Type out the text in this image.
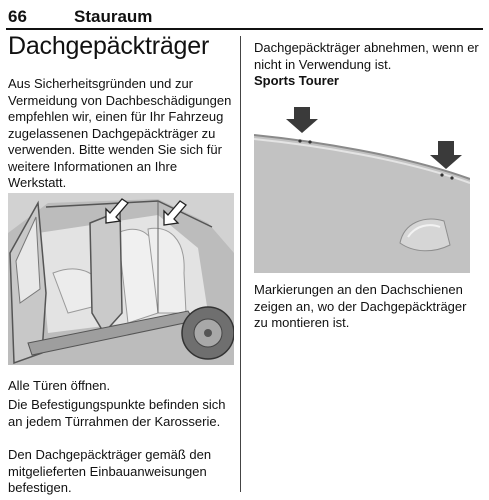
66	Stauraum
Dachgepäckträger

Aus Sicherheitsgründen und zur Vermeidung von Dachbeschädigungen empfehlen wir, einen für Ihr Fahrzeug zugelassenen Dachgepäckträger zu verwenden. Bitte wenden Sie sich für weitere Informationen an Ihre Werkstatt.

Alle Türen öffnen.

Die Befestigungspunkte befinden sich an jedem Türrahmen der Karosserie.

Den Dachgepäckträger gemäß den mitgelieferten Einbauanweisungen befestigen.

Dachgepäckträger abnehmen, wenn er nicht in Verwendung ist.

Sports Tourer

Markierungen an den Dachschienen zeigen an, wo der Dachgepäckträger zu montieren ist.
